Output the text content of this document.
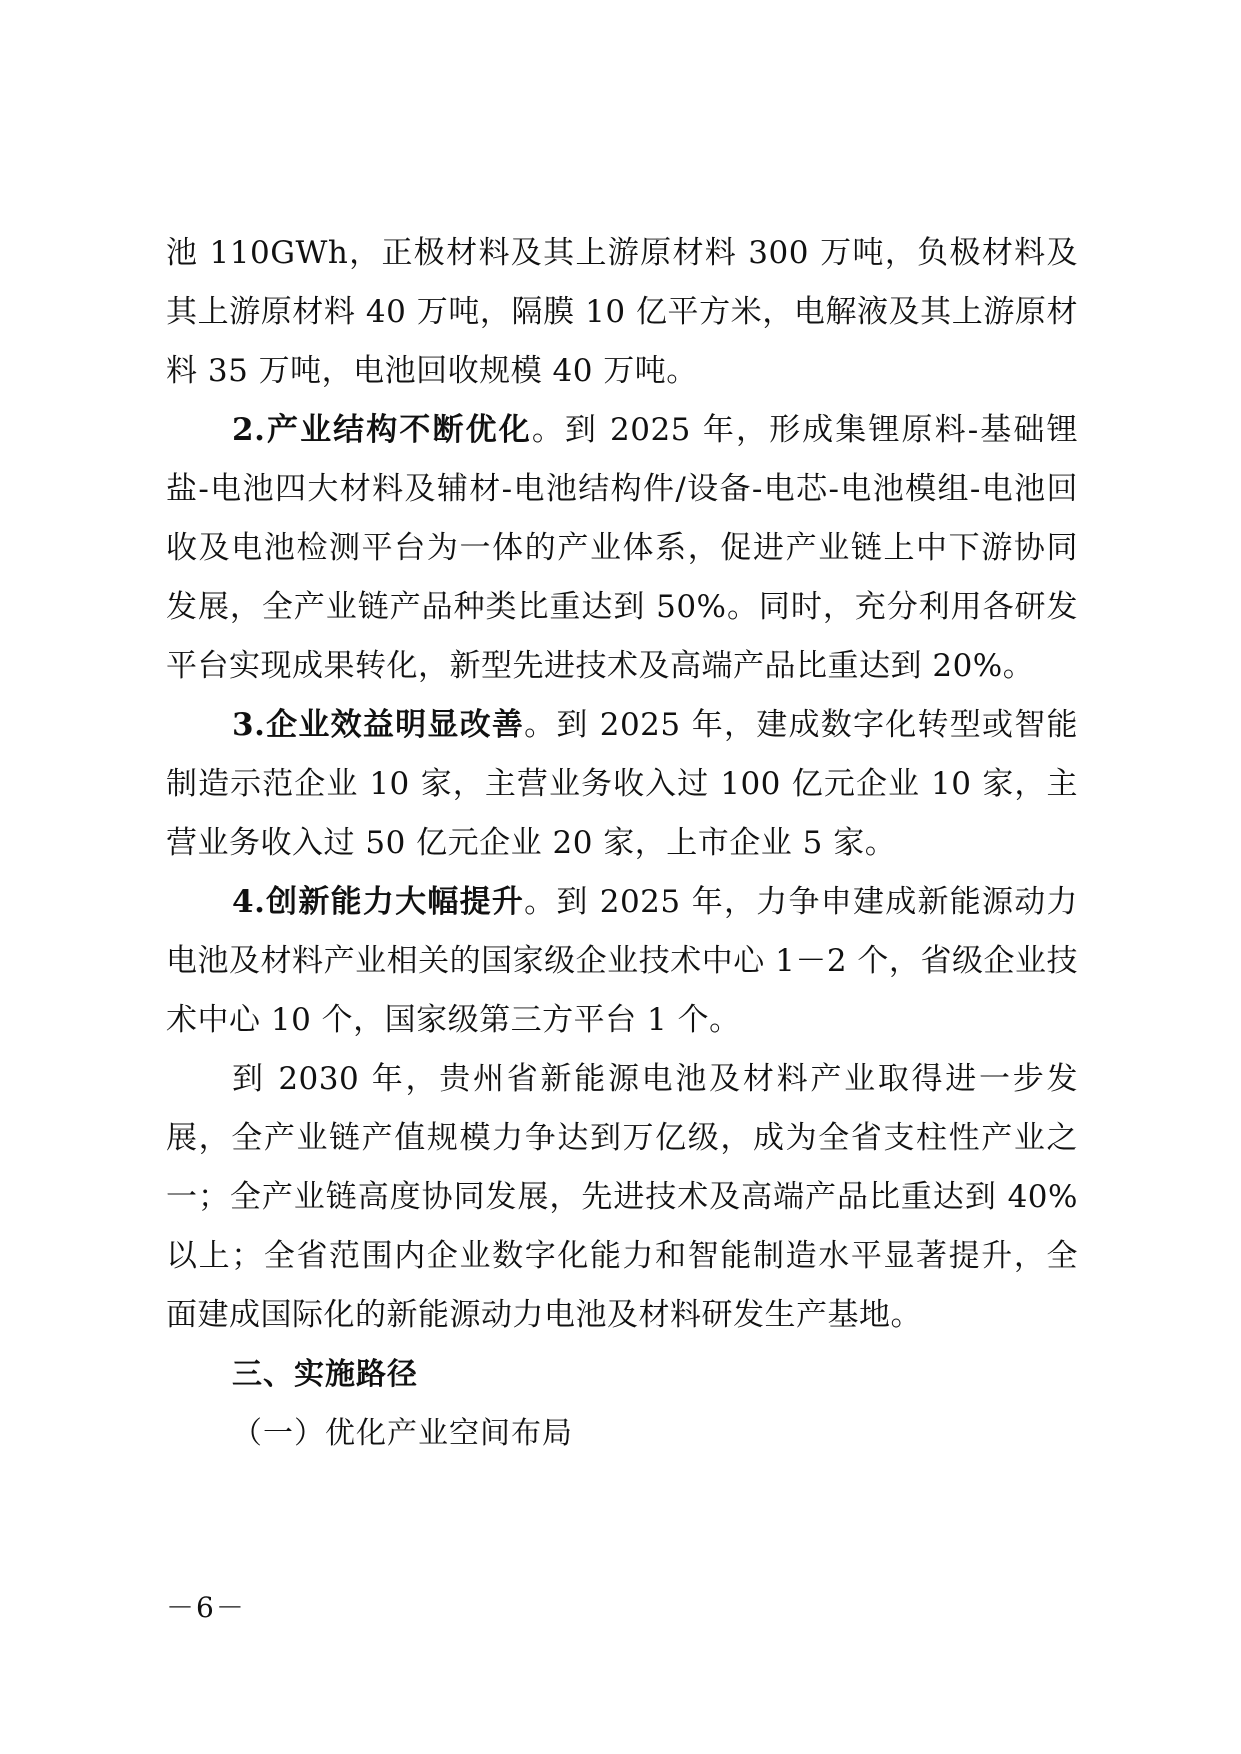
池 110GWh，正极材料及其上游原材料 300 万吨，负极材料及其上游原材料 40 万吨，隔膜 10 亿平方米，电解液及其上游原材料 35 万吨，电池回收规模 40 万吨。

2.产业结构不断优化。到 2025 年，形成集锂原料-基础锂盐-电池四大材料及辅材-电池结构件/设备-电芯-电池模组-电池回收及电池检测平台为一体的产业体系，促进产业链上中下游协同发展，全产业链产品种类比重达到 50%。同时，充分利用各研发平台实现成果转化，新型先进技术及高端产品比重达到 20%。

3.企业效益明显改善。到 2025 年，建成数字化转型或智能制造示范企业 10 家，主营业务收入过 100 亿元企业 10 家，主营业务收入过 50 亿元企业 20 家，上市企业 5 家。

4.创新能力大幅提升。到 2025 年，力争申建成新能源动力电池及材料产业相关的国家级企业技术中心 1－2 个，省级企业技术中心 10 个，国家级第三方平台 1 个。

到 2030 年，贵州省新能源电池及材料产业取得进一步发展，全产业链产值规模力争达到万亿级，成为全省支柱性产业之一；全产业链高度协同发展，先进技术及高端产品比重达到 40%以上；全省范围内企业数字化能力和智能制造水平显著提升，全面建成国际化的新能源动力电池及材料研发生产基地。

三、实施路径

（一）优化产业空间布局

－6－
